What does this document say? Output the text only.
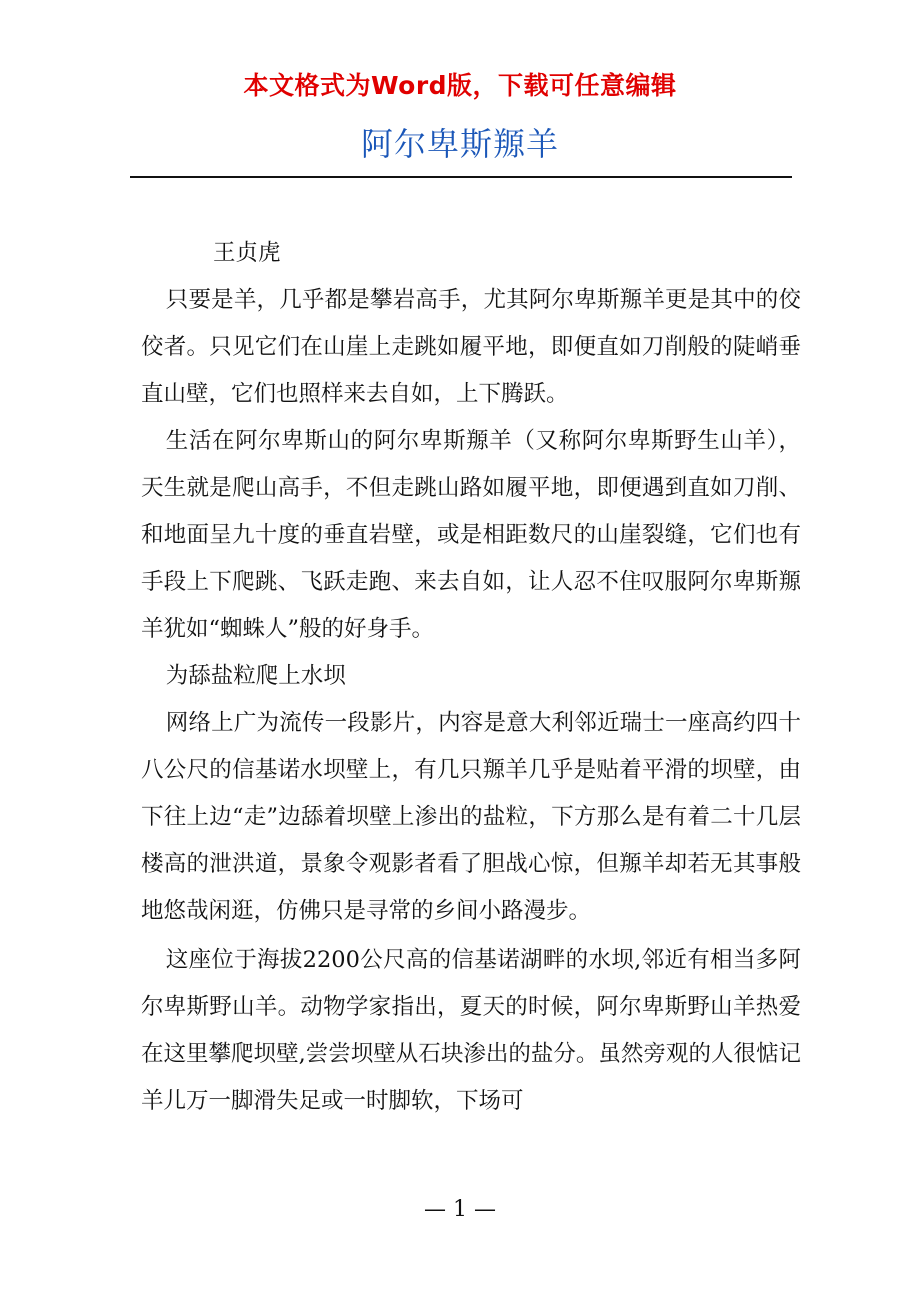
本文格式为Word版，下载可任意编辑
阿尔卑斯羱羊

王贞虎

只要是羊，几乎都是攀岩高手，尤其阿尔卑斯羱羊更是其中的佼佼者。只见它们在山崖上走跳如履平地，即便直如刀削般的陡峭垂直山壁，它们也照样来去自如，上下腾跃。

生活在阿尔卑斯山的阿尔卑斯羱羊（又称阿尔卑斯野生山羊），天生就是爬山高手，不但走跳山路如履平地，即便遇到直如刀削、和地面呈九十度的垂直岩壁，或是相距数尺的山崖裂缝，它们也有手段上下爬跳、飞跃走跑、来去自如，让人忍不住叹服阿尔卑斯羱羊犹如“蜘蛛人”般的好身手。

为舔盐粒爬上水坝

网络上广为流传一段影片，内容是意大利邻近瑞士一座高约四十八公尺的信基诺水坝壁上，有几只羱羊几乎是贴着平滑的坝壁，由下往上边“走”边舔着坝壁上渗出的盐粒，下方那么是有着二十几层楼高的泄洪道，景象令观影者看了胆战心惊，但羱羊却若无其事般地悠哉闲逛，仿佛只是寻常的乡间小路漫步。

这座位于海拔2200公尺高的信基诺湖畔的水坝,邻近有相当多阿尔卑斯野山羊。动物学家指出，夏天的时候，阿尔卑斯野山羊热爱在这里攀爬坝壁,尝尝坝壁从石块渗出的盐分。虽然旁观的人很惦记羊儿万一脚滑失足或一时脚软，下场可

— 1 —
